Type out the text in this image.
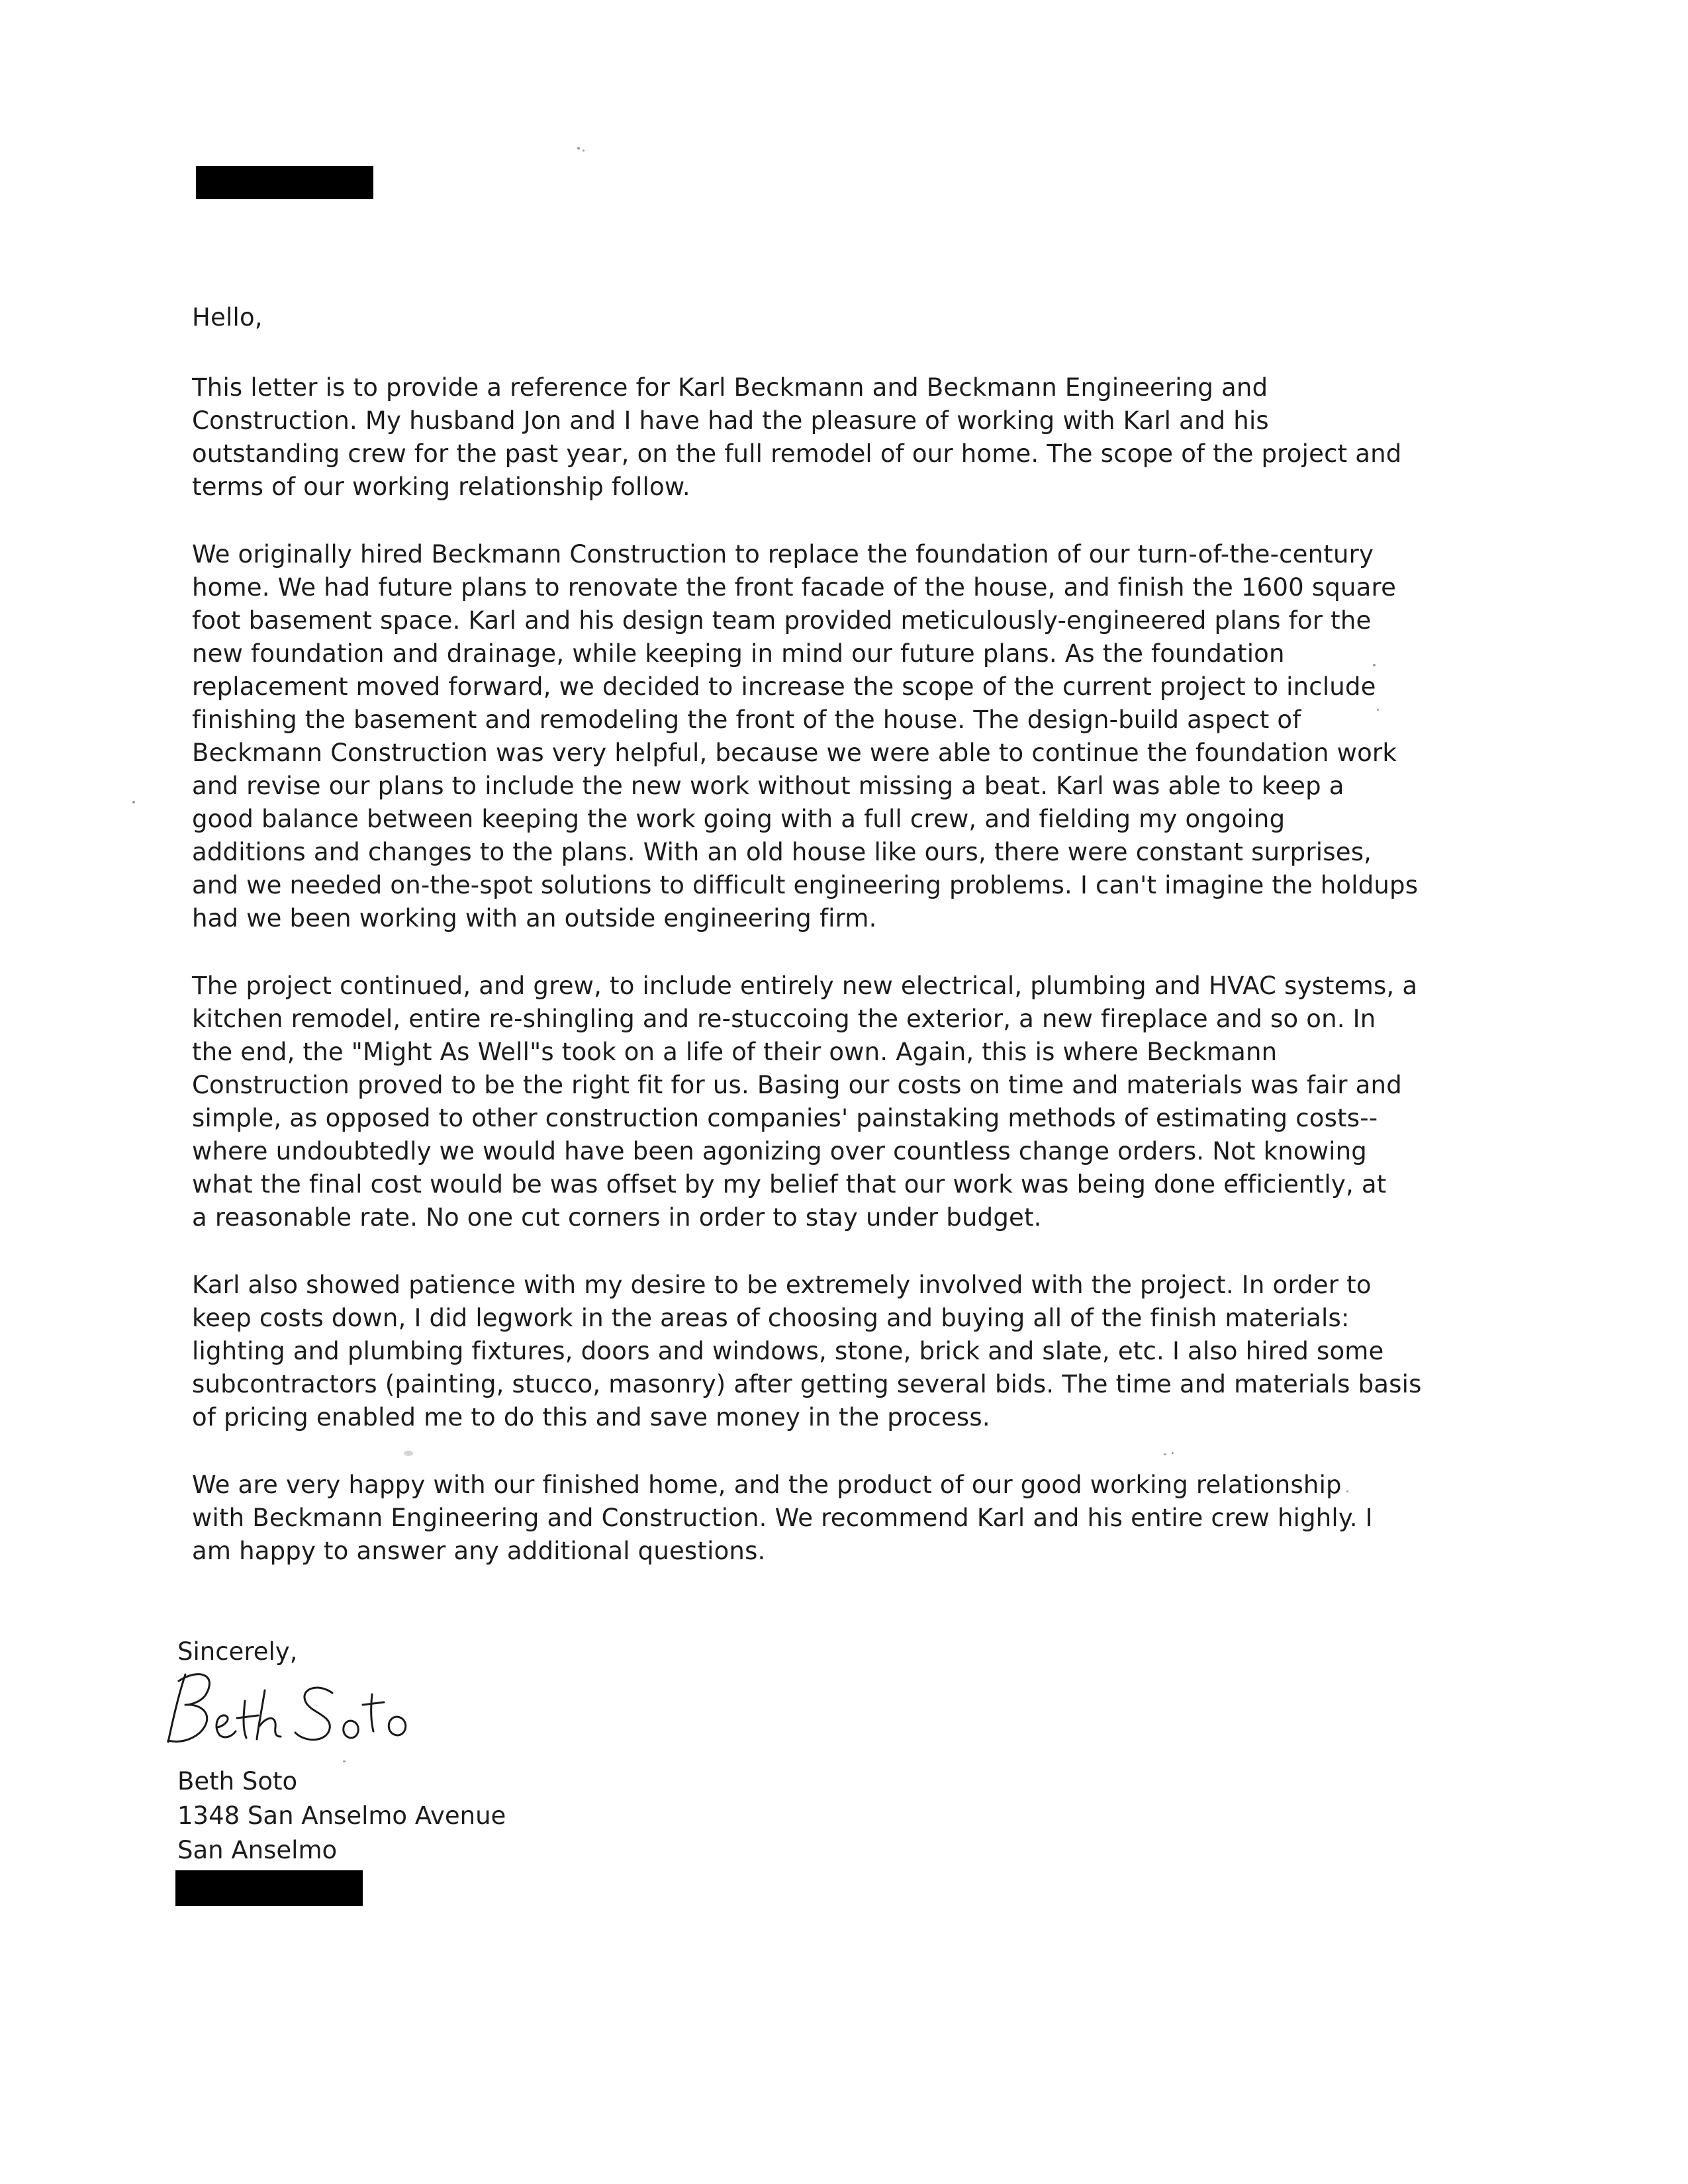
Hello,

This letter is to provide a reference for Karl Beckmann and Beckmann Engineering and
Construction. My husband Jon and I have had the pleasure of working with Karl and his
outstanding crew for the past year, on the full remodel of our home. The scope of the project and
terms of our working relationship follow.

We originally hired Beckmann Construction to replace the foundation of our turn-of-the-century
home. We had future plans to renovate the front facade of the house, and finish the 1600 square
foot basement space. Karl and his design team provided meticulously-engineered plans for the
new foundation and drainage, while keeping in mind our future plans. As the foundation
replacement moved forward, we decided to increase the scope of the current project to include
finishing the basement and remodeling the front of the house. The design-build aspect of
Beckmann Construction was very helpful, because we were able to continue the foundation work
and revise our plans to include the new work without missing a beat. Karl was able to keep a
good balance between keeping the work going with a full crew, and fielding my ongoing
additions and changes to the plans. With an old house like ours, there were constant surprises,
and we needed on-the-spot solutions to difficult engineering problems. I can't imagine the holdups
had we been working with an outside engineering firm.

The project continued, and grew, to include entirely new electrical, plumbing and HVAC systems, a
kitchen remodel, entire re-shingling and re-stuccoing the exterior, a new fireplace and so on. In
the end, the "Might As Well"s took on a life of their own. Again, this is where Beckmann
Construction proved to be the right fit for us. Basing our costs on time and materials was fair and
simple, as opposed to other construction companies' painstaking methods of estimating costs--
where undoubtedly we would have been agonizing over countless change orders. Not knowing
what the final cost would be was offset by my belief that our work was being done efficiently, at
a reasonable rate. No one cut corners in order to stay under budget.

Karl also showed patience with my desire to be extremely involved with the project. In order to
keep costs down, I did legwork in the areas of choosing and buying all of the finish materials:
lighting and plumbing fixtures, doors and windows, stone, brick and slate, etc. I also hired some
subcontractors (painting, stucco, masonry) after getting several bids. The time and materials basis
of pricing enabled me to do this and save money in the process.

We are very happy with our finished home, and the product of our good working relationship
with Beckmann Engineering and Construction. We recommend Karl and his entire crew highly. I
am happy to answer any additional questions.

Sincerely,
Beth Soto
1348 San Anselmo Avenue
San Anselmo
